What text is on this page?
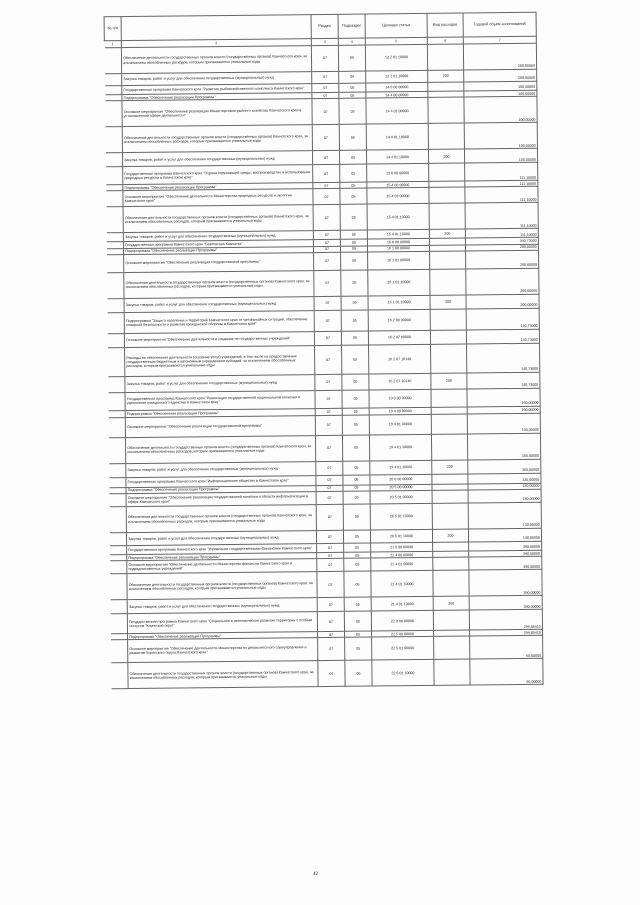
№ п/п		Раздел	Подраздел	Целевая статья	Вид расходов	Годовой объем ассигнований
1	2	3	4	5	6	7
	Обеспечение деятельности государственных органов власти (государственных органов) Камчатского края, за исключением обособленных расходов, которым присваиваются уникальные коды	07	05	12 2 01 10000		200,00000
	Закупка товаров, работ и услуг для обеспечения государственных (муниципальных) нужд	07	05	12 2 01 10000	200	200,00000
	Государственная программа Камчатского края "Развитие рыбохозяйственного комплекса Камчатского края"	07	05	14 0 00 00000		100,00000
	Подпрограмма "Обеспечение реализации Программы"	07	05	14 4 00 00000		100,00000
	Основное мероприятие "Обеспечение реализации Министерством рыбного хозяйства Камчатского края в установленной сфере деятельности"	07	05	14 4 01 00000		100,00000
	Обеспечение деятельности государственных органов власти (государственных органов) Камчатского края, за исключением обособленных расходов, которым присваиваются уникальные коды	07	05	14 4 01 10000		100,00000
	Закупка товаров, работ и услуг для обеспечения государственных (муниципальных) нужд	07	05	14 4 01 10000	200	100,00000
	Государственная программа Камчатского края "Охрана окружающей среды, воспроизводство и использование природных ресурсов в Камчатском крае"	07	05	15 0 00 00000		111,10000
	Подпрограмма "Обеспечение реализации Программы"	07	05	15 4 00 00000		111,10000
	Основное мероприятие "Обеспечение деятельности Министерства природных ресурсов и экологии Камчатского края"	07	05	15 4 01 00000		111,10000
	Обеспечение деятельности государственных органов власти (государственных органов) Камчатского края, за исключением обособленных расходов, которым присваиваются уникальные коды	07	05	15 4 01 10000		111,10000
	Закупка товаров, работ и услуг для обеспечения государственных (муниципальных) нужд	07	05	15 4 01 10000	200	111,10000
	Государственная программа Камчатского края "Безопасная Камчатка"	07	05	16 0 00 00000		340,73000
	Подпрограмма "Обеспечение реализации Программы"	07	05	16 1 00 00000		200,00000
	Основное мероприятие "Обеспечение реализации государственной программы"	07	05	16 1 01 00000		200,00000
	Обеспечение деятельности государственных органов власти (государственных органов) Камчатского края, за исключением обособленных расходов, которым присваиваются уникальные коды	07	05	16 1 01 10000		200,00000
	Закупка товаров, работ и услуг для обеспечения государственных (муниципальных) нужд	07	05	16 1 01 10000	200	200,00000
	Подпрограмма "Защита населения и территорий Камчатского края от чрезвычайных ситуаций, обеспечение пожарной безопасности и развитие гражданской обороны в Камчатском крае"	07	05	16 2 00 00000		140,73000
	Основное мероприятие "Обеспечение деятельности и создание не государственных учреждений"	07	05	16 2 07 00000		140,73000
	Расходы на обеспечение деятельности (оказание услуг) учреждений, в том числе на предоставление государственным бюджетным и автономным учреждениям субсидий, за исключением обособленных расходов, которым присваиваются уникальные коды	07	05	16 2 07 10140		140,73000
	Закупка товаров, работ и услуг для обеспечения государственных (муниципальных) нужд	07	05	16 2 07 10140	200	140,73000
	Государственная программа Камчатского края "Реализация государственной национальной политики и укрепление гражданского единства в Камчатском крае"	07	05	19 0 00 00000		160,00000
	Подпрограмма "Обеспечение реализации Программы"	07	05	19 4 00 00000		160,00000
	Основное мероприятие "Обеспечение реализации государственной программы"	07	05	19 4 01 00000		160,00000
	Обеспечение деятельности государственных органов власти (государственных органов) Камчатского края, за исключением обособленных расходов, которым присваиваются уникальные коды	07	05	19 4 01 10000		160,00000
	Закупка товаров, работ и услуг для обеспечения государственных (муниципальных) нужд	07	05	19 4 01 10000	200	160,00000
	Государственная программа Камчатского края "Информационное общество в Камчатском крае"	07	05	20 0 00 00000		130,00000
	Подпрограмма "Обеспечение реализации Программы"	07	05	20 5 00 00000		130,00000
	Основное мероприятие "Обеспечение реализации государственной политики в области информатизации в сфере Камчатского края"	07	05	20 5 01 00000		130,00000
	Обеспечение деятельности государственных органов власти (государственных органов) Камчатского края, за исключением обособленных расходов, которым присваиваются уникальные коды	07	05	20 5 01 10000		130,00000
	Закупка товаров, работ и услуг для обеспечения государственных (муниципальных) нужд	07	05	20 5 01 10000	200	130,00000
	Государственная программа Камчатского края "Управление государственными финансами Камчатского края"	07	05	21 0 00 00000		390,00000
	Подпрограмма "Обеспечение реализации Программы"	07	05	21 4 00 00000		390,00000
	Основное мероприятие "Обеспечение деятельности Министерства финансов Камчатского края и подведомственных учреждений"	07	05	21 4 01 00000		390,00000
	Обеспечение деятельности государственных органов власти (государственных органов) Камчатского края, за исключением обособленных расходов, которым присваиваются уникальные коды	07	05	21 4 01 10000		390,00000
	Закупка товаров, работ и услуг для обеспечения государственных (муниципальных) нужд	07	05	21 4 01 10000	200	390,00000
	Государственная программа Камчатского края "Социальное и экономическое развитие территории с особым статусом "Корякский округ"	07	05	22 0 00 00000		299,85410
	Подпрограмма "Обеспечение реализации Программы"	07	05	22 5 00 00000		299,85410
	Основное мероприятие "Обеспечение деятельности Министерства по делам местного самоуправления и развитию Корякского округа Камчатского края"	07	05	22 5 01 00000		60,00000
	Обеспечение деятельности государственных органов власти (государственных органов) Камчатского края, за исключением обособленных расходов, которым присваиваются уникальные коды	07	05	22 5 01 10000		60,00000
42
